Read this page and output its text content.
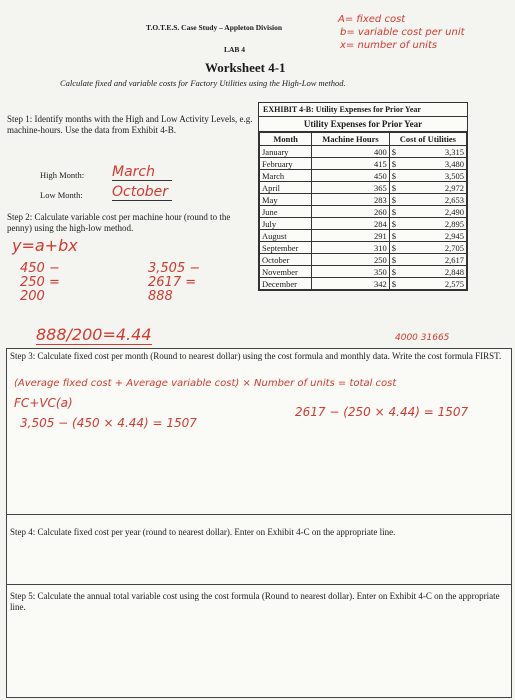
T.O.T.E.S. Case Study – Appleton Division
LAB 4
A= fixed cost
b= variable cost per unit
x= number of units
Worksheet 4-1
Calculate fixed and variable costs for Factory Utilities using the High-Low method.
Step 1: Identify months with the High and Low Activity Levels, e.g. machine-hours. Use the data from Exhibit 4-B.
High Month: March
Low Month: October
Step 2: Calculate variable cost per machine hour (round to the penny) using the high-low method.
y=a+bx
450 − 250 = 200
3,505 − 2617 = 888
888/200=4.44
EXHIBIT 4-B: Utility Expenses for Prior Year
Utility Expenses for Prior Year
Month	Machine Hours	Cost of Utilities	
January	400	$	3,315
February	415	$	3,480
March	450	$	3,505
April	365	$	2,972
May	283	$	2,653
June	260	$	2,490
July	284	$	2,895
August	291	$	2,945
September	310	$	2,705
October	250	$	2,617
November	350	$	2,848
December	342	$	2,575
4000 31665
Step 3: Calculate fixed cost per month (Round to nearest dollar) using the cost formula and monthly data. Write the cost formula FIRST.
(Average fixed cost + Average variable cost) × Number of units = total cost
FC+VC(a)
3,505 − (450 × 4.44) = 1507
2617 − (250 × 4.44) = 1507
Step 4: Calculate fixed cost per year (round to nearest dollar). Enter on Exhibit 4-C on the appropriate line.
Step 5: Calculate the annual total variable cost using the cost formula (Round to nearest dollar). Enter on Exhibit 4-C on the appropriate line.
